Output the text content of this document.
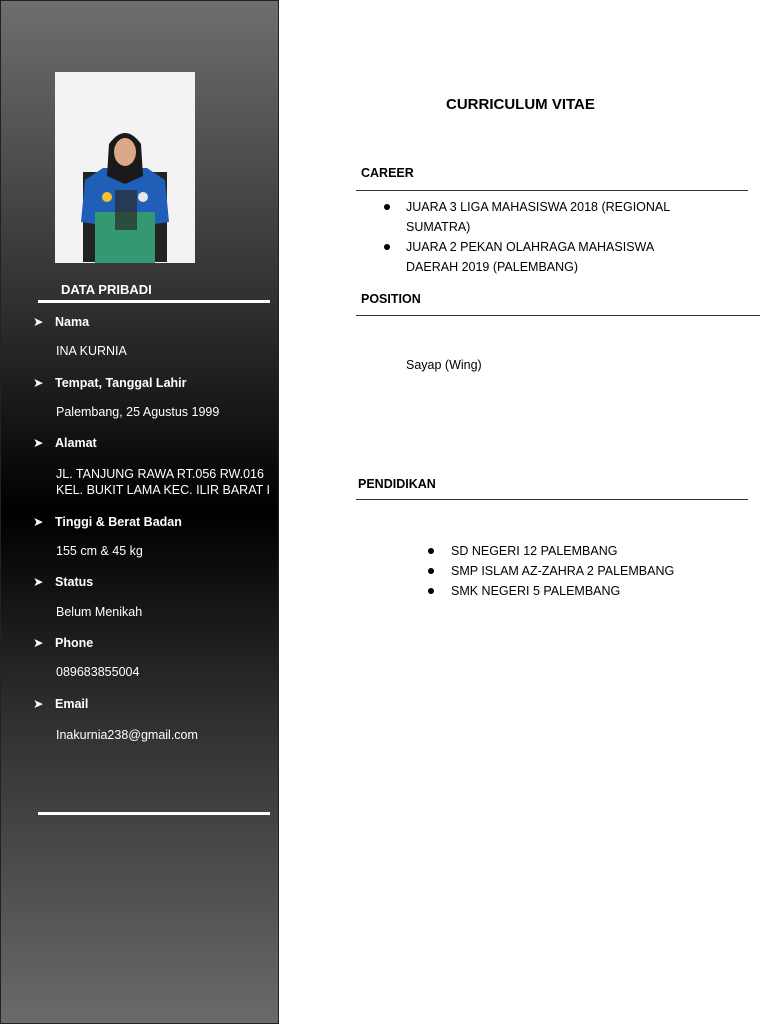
DATA PRIBADI
➤ Nama
INA KURNIA
➤ Tempat, Tanggal Lahir
Palembang, 25 Agustus 1999
➤ Alamat
JL. TANJUNG RAWA RT.056 RW.016
KEL. BUKIT LAMA KEC. ILIR BARAT I
➤ Tinggi & Berat Badan
155 cm & 45 kg
➤ Status
Belum Menikah
➤ Phone
089683855004
➤ Email
Inakurnia238@gmail.com
CURRICULUM VITAE
CAREER
JUARA 3 LIGA MAHASISWA 2018 (REGIONAL
SUMATRA)
JUARA 2 PEKAN OLAHRAGA MAHASISWA
DAERAH 2019 (PALEMBANG)
POSITION
Sayap (Wing)
PENDIDIKAN
SD NEGERI 12 PALEMBANG
SMP ISLAM AZ-ZAHRA 2 PALEMBANG
SMK NEGERI 5 PALEMBANG
